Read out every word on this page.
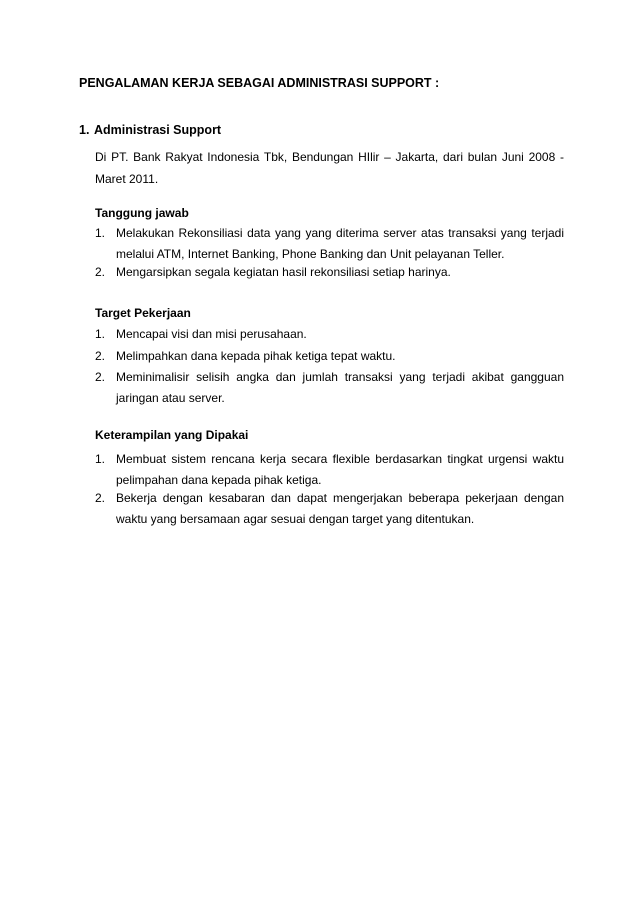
PENGALAMAN KERJA SEBAGAI ADMINISTRASI SUPPORT :
1. Administrasi Support
Di PT. Bank Rakyat Indonesia Tbk, Bendungan HIlir – Jakarta, dari bulan Juni 2008 -
Maret 2011.
Tanggung jawab
1. Melakukan Rekonsiliasi data yang yang diterima server atas transaksi yang terjadi
melalui ATM, Internet Banking, Phone Banking dan Unit pelayanan Teller.
2. Mengarsipkan segala kegiatan hasil rekonsiliasi setiap harinya.
Target Pekerjaan
1. Mencapai visi dan misi perusahaan.
2. Melimpahkan dana kepada pihak ketiga tepat waktu.
2. Meminimalisir selisih angka dan jumlah transaksi yang terjadi akibat gangguan
jaringan atau server.
Keterampilan yang Dipakai
1. Membuat sistem rencana kerja secara flexible berdasarkan tingkat urgensi waktu
pelimpahan dana kepada pihak ketiga.
2. Bekerja dengan kesabaran dan dapat mengerjakan beberapa pekerjaan dengan
waktu yang bersamaan agar sesuai dengan target yang ditentukan.
